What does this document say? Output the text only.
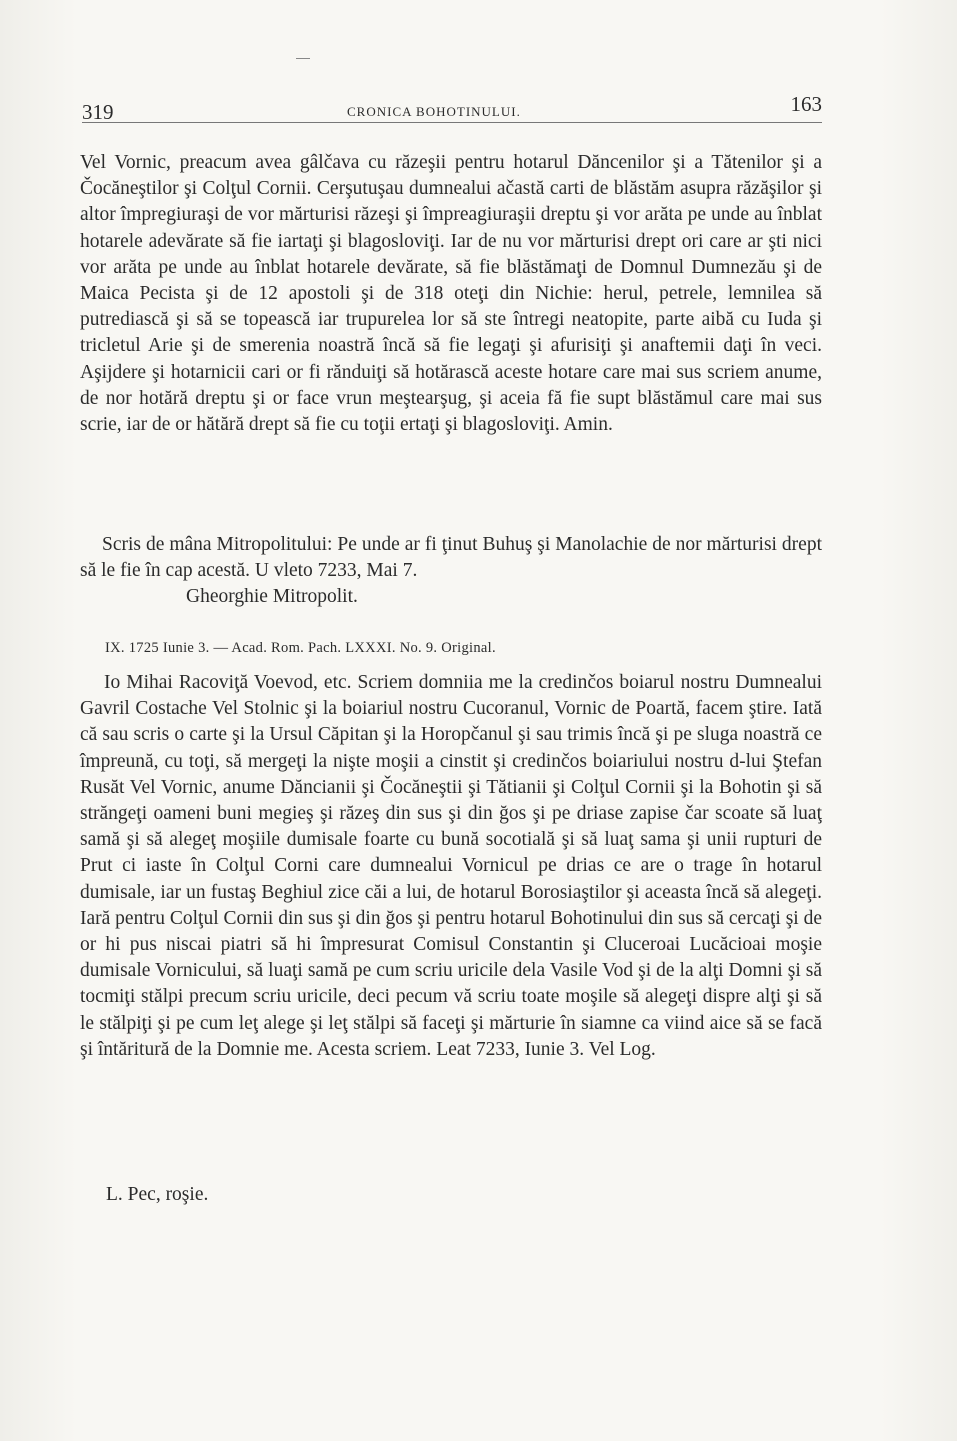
319	CRONICA BOHOTINULUI.	163

Vel Vornic, preacum avea gâlčava cu răzeşii pentru hotarul Dăncenilor şi a Tătenilor şi a Čocăneştilor şi Colţul Cornii. Cerşutuşau dumnealui ačastă carti de blăstăm asupra răzăşilor şi altor împregiuraşi de vor mărturisi răzeşi şi împreagiuraşii dreptu şi vor arăta pe unde au înblat hotarele adevărate să fie iartaţi şi blagosloviţi. Iar de nu vor mărturisi drept ori care ar şti nici vor arăta pe unde au înblat hotarele devărate, să fie blăstămaţi de Domnul Dumnezău şi de Maica Pecista şi de 12 apostoli şi de 318 oteţi din Nichie: herul, petrele, lemnilea să putrediască şi să se topească iar trupurelea lor să ste întregi neatopite, parte aibă cu Iuda şi tricletul Arie şi de smerenia noastră încă să fie legaţi şi afurisiţi şi anaftemii daţi în veci. Aşijdere şi hotarnicii cari or fi rănduiţi să hotărască aceste hotare care mai sus scriem anume, de nor hotără dreptu şi or face vrun meştearşug, şi aceia fă fie supt blăstămul care mai sus scrie, iar de or hătără drept să fie cu toţii ertaţi şi blagosloviţi. Amin.

Scris de mâna Mitropolitului: Pe unde ar fi ţinut Buhuş şi Manolachie de nor mărturisi drept să le fie în cap acestă. U vleto 7233, Mai 7.

Gheorghie Mitropolit.

IX. 1725 Iunie 3. — Acad. Rom. Pach. LXXXI. No. 9. Original.

Io Mihai Racoviţă Voevod, etc. Scriem domniia me la credinčos boiarul nostru Dumnealui Gavril Costache Vel Stolnic şi la boiariul nostru Cucoranul, Vornic de Poartă, facem ştire. Iată că sau scris o carte şi la Ursul Căpitan şi la Horopčanul şi sau trimis încă şi pe sluga noastră ce împreună, cu toţi, să mergeţi la nişte moşii a cinstit şi credinčos boiariului nostru d-lui Ştefan Rusăt Vel Vornic, anume Dăncianii şi Čocăneştii şi Tătianii şi Colţul Cornii şi la Bohotin şi să străngeţi oameni buni megieş şi răzeş din sus şi din ğos şi pe driase zapise čar scoate să luaţ samă şi să alegeţ moşiile dumisale foarte cu bună socotială şi să luaţ sama şi unii rupturi de Prut ci iaste în Colţul Corni care dumnealui Vornicul pe drias ce are o trage în hotarul dumisale, iar un fustaş Beghiul zice căi a lui, de hotarul Borosiaştilor şi aceasta încă să alegeţi. Iară pentru Colţul Cornii din sus şi din ğos şi pentru hotarul Bohotinului din sus să cercaţi şi de or hi pus niscai piatri să hi împresurat Comisul Constantin şi Cluceroai Lucăcioai moşie dumisale Vornicului, să luaţi samă pe cum scriu uricile dela Vasile Vod şi de la alţi Domni şi să tocmiţi stălpi precum scriu uricile, deci pecum vă scriu toate moşile să alegeţi dispre alţi şi să le stălpiţi şi pe cum leţ alege şi leţ stălpi să faceţi şi mărturie în siamne ca viind aice să se facă şi întăritură de la Domnie me. Acesta scriem. Leat 7233, Iunie 3. Vel Log.

L. Pec, roşie.
